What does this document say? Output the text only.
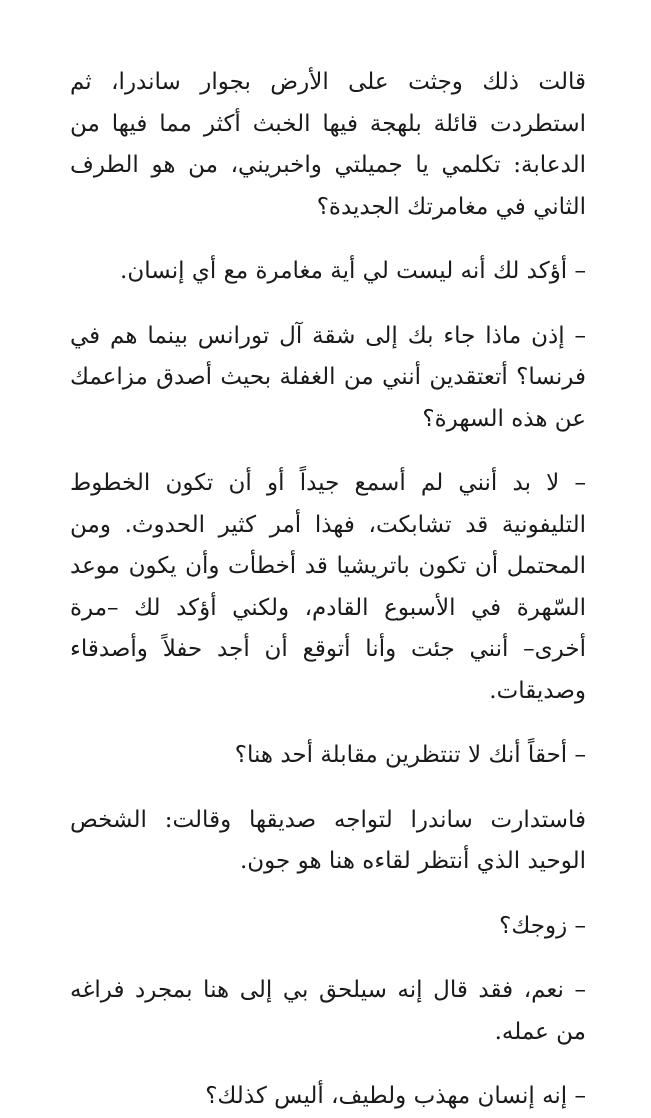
قالت ذلك وجثت على الأرض بجوار ساندرا، ثم استطردت قائلة بلهجة فيها الخبث أكثر مما فيها من الدعابة: تكلمي يا جميلتي واخبريني، من هو الطرف الثاني في مغامرتك الجديدة؟

– أؤكد لك أنه ليست لي أية مغامرة مع أي إنسان.

– إذن ماذا جاء بك إلى شقة آل تورانس بينما هم في فرنسا؟ أتعتقدين أنني من الغفلة بحيث أصدق مزاعمك عن هذه السهرة؟

– لا بد أنني لم أسمع جيداً أو أن تكون الخطوط التليفونية قد تشابكت، فهذا أمر كثير الحدوث. ومن المحتمل أن تكون باتريشيا قد أخطأت وأن يكون موعد السّهرة في الأسبوع القادم، ولكني أؤكد لك –مرة أخرى– أنني جئت وأنا أتوقع أن أجد حفلاً وأصدقاء وصديقات.

– أحقاً أنك لا تنتظرين مقابلة أحد هنا؟

فاستدارت ساندرا لتواجه صديقها وقالت: الشخص الوحيد الذي أنتظر لقاءه هنا هو جون.

– زوجك؟

– نعم، فقد قال إنه سيلحق بي إلى هنا بمجرد فراغه من عمله.

– إنه إنسان مهذب ولطيف، أليس كذلك؟
